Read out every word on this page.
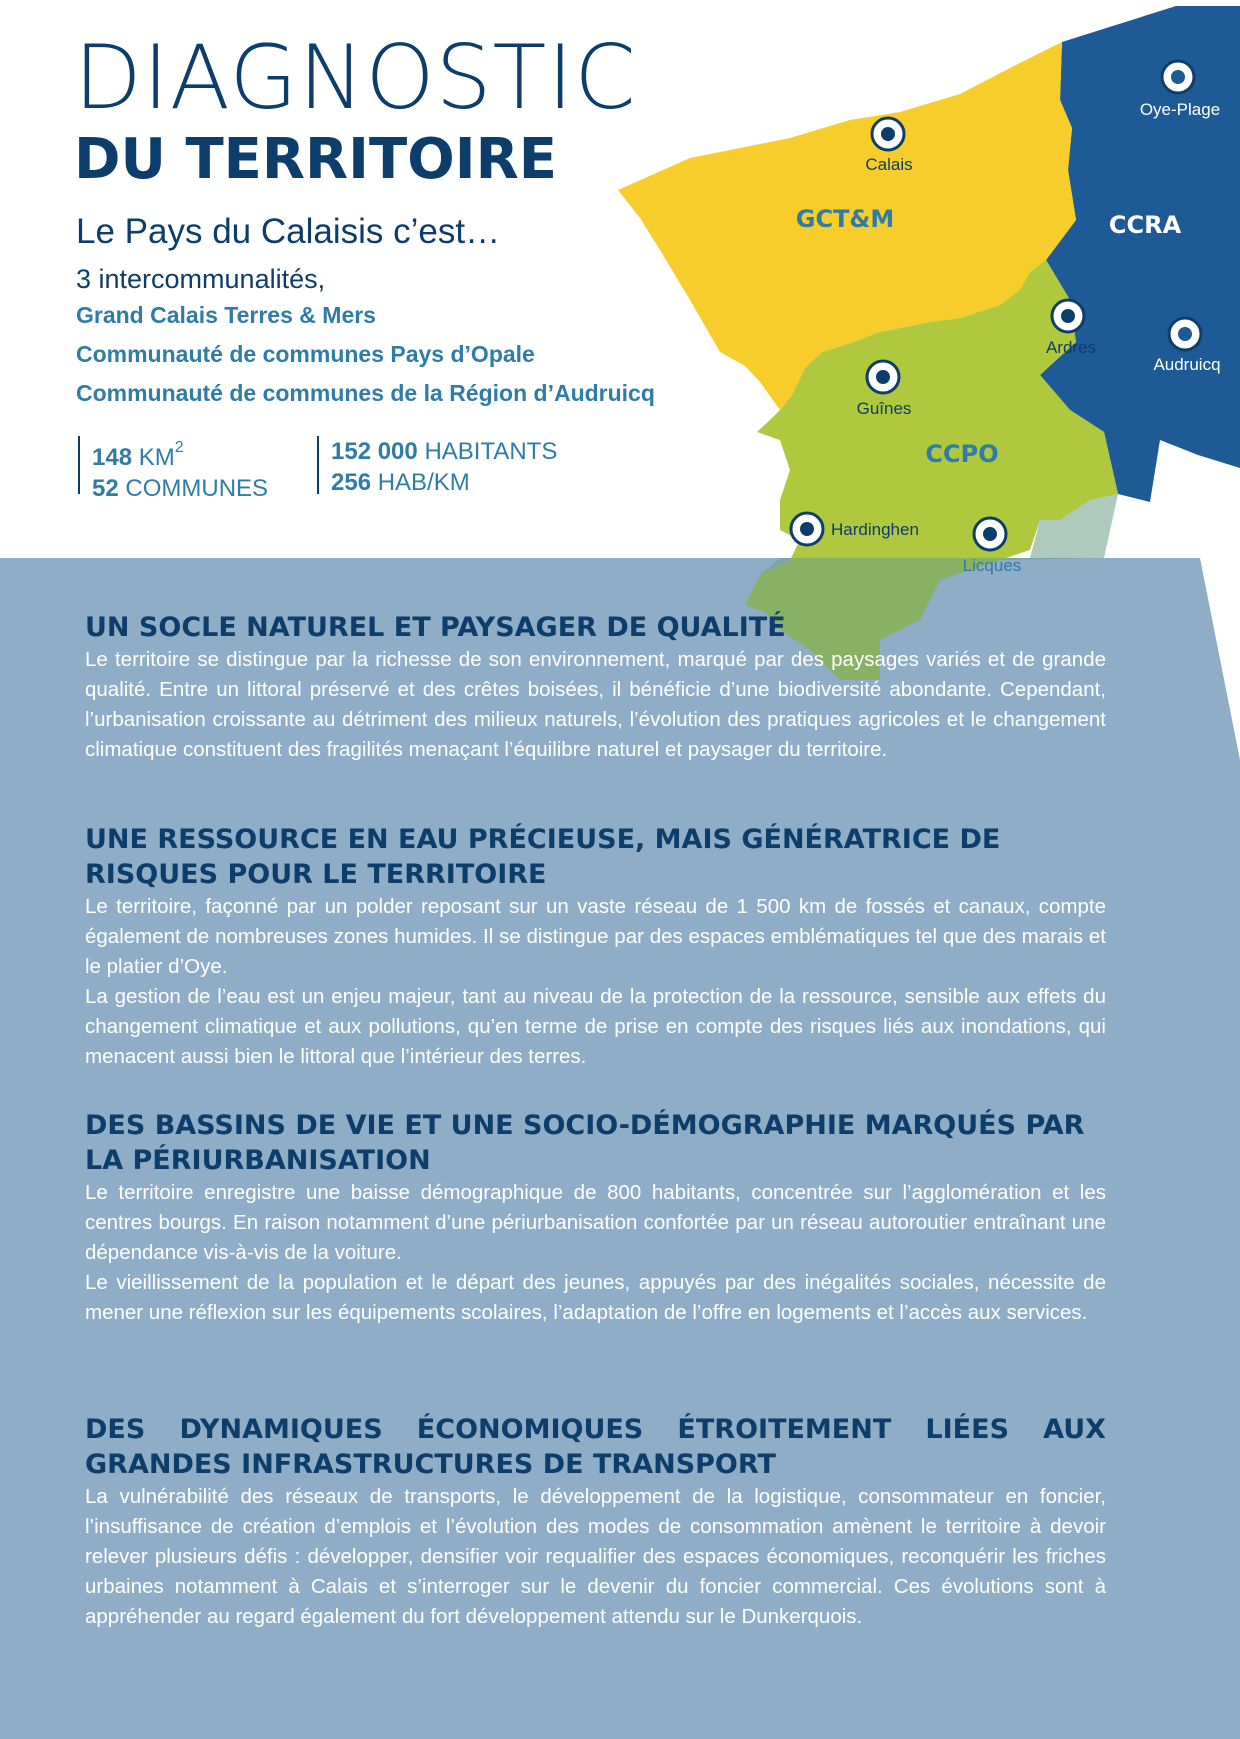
GCT&M	CCRA
CCPO
Calais
Oye-Plage
Ardres
Audruicq
Guînes
Hardinghen
Licques
DIAGNOSTIC
DU TERRITOIRE
Le Pays du Calaisis c’est…
3 intercommunalités,
Grand Calais Terres & Mers
Communauté de communes Pays d’Opale
Communauté de communes de la Région d’Audruicq
148 $KM^2$
52 COMMUNES
152 000 HABITANTS
256 HAB/KM
UN SOCLE NATUREL ET PAYSAGER DE QUALITÉ

Le territoire se distingue par la richesse de son environnement, marqué par des paysages variés et de grande qualité. Entre un littoral préservé et des crêtes boisées, il bénéficie d’une biodiversité abondante. Cependant, l’urbanisation croissante au détriment des milieux naturels, l’évolution des pratiques agricoles et le changement climatique constituent des fragilités menaçant l’équilibre naturel et paysager du territoire.

UNE RESSOURCE EN EAU PRÉCIEUSE, MAIS GÉNÉRATRICE DE RISQUES POUR LE TERRITOIRE

Le territoire, façonné par un polder reposant sur un vaste réseau de 1 500 km de fossés et canaux, compte également de nombreuses zones humides. Il se distingue par des espaces emblématiques tel que des marais et le platier d’Oye.

La gestion de l’eau est un enjeu majeur, tant au niveau de la protection de la ressource, sensible aux effets du changement climatique et aux pollutions, qu’en terme de prise en compte des risques liés aux inondations, qui menacent aussi bien le littoral que l’intérieur des terres.

DES BASSINS DE VIE ET UNE SOCIO-DÉMOGRAPHIE MARQUÉS PAR LA PÉRIURBANISATION

Le territoire enregistre une baisse démographique de 800 habitants, concentrée sur l’agglomération et les centres bourgs. En raison notamment d’une périurbanisation confortée par un réseau autoroutier entraînant une dépendance vis-à-vis de la voiture.

Le vieillissement de la population et le départ des jeunes, appuyés par des inégalités sociales, nécessite de mener une réflexion sur les équipements scolaires, l’adaptation de l’offre en logements et l’accès aux services.

DES DYNAMIQUES ÉCONOMIQUES ÉTROITEMENT LIÉES AUX

GRANDES INFRASTRUCTURES DE TRANSPORT

La vulnérabilité des réseaux de transports, le développement de la logistique, consommateur en foncier, l’insuffisance de création d’emplois et l’évolution des modes de consommation amènent le territoire à devoir relever plusieurs défis : développer, densifier voir requalifier des espaces économiques, reconquérir les friches urbaines notamment à Calais et s’interroger sur le devenir du foncier commercial. Ces évolutions sont à appréhender au regard également du fort développement attendu sur le Dunkerquois.
